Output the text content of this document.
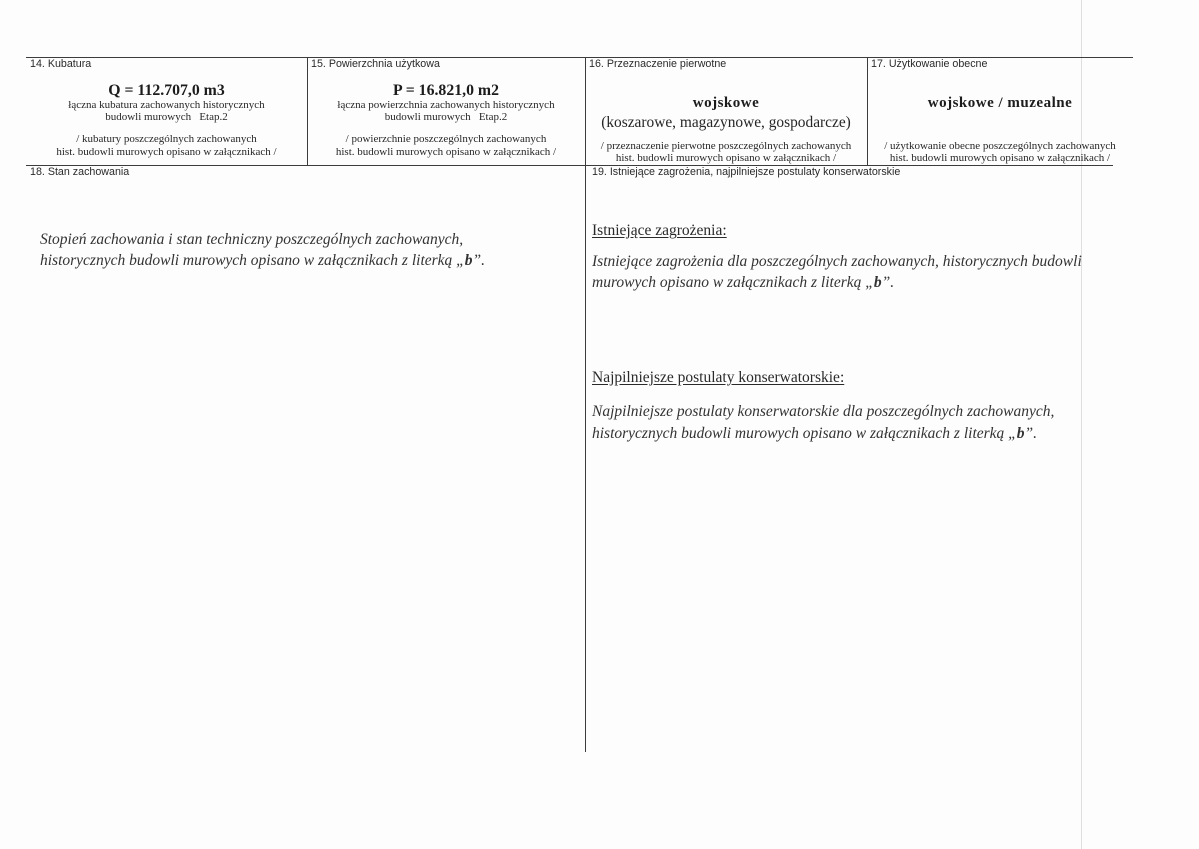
14. Kubatura
Q = 112.707,0 m3
łączna kubatura zachowanych historycznych
budowli murowych   Etap.2
/ kubatury poszczególnych zachowanych
hist. budowli murowych opisano w załącznikach /
15. Powierzchnia użytkowa
P = 16.821,0 m2
łączna powierzchnia zachowanych historycznych
budowli murowych   Etap.2
/ powierzchnie poszczególnych zachowanych
hist. budowli murowych opisano w załącznikach /
16. Przeznaczenie pierwotne
wojskowe
(koszarowe, magazynowe, gospodarcze)
/ przeznaczenie pierwotne poszczególnych zachowanych
hist. budowli murowych opisano w załącznikach /
17. Użytkowanie obecne
wojskowe / muzealne
/ użytkowanie obecne poszczególnych zachowanych
hist. budowli murowych opisano w załącznikach /
18. Stan zachowania
Stopień zachowania i stan techniczny poszczególnych zachowanych,
historycznych budowli murowych opisano w załącznikach z literką „b”.
19. Istniejące zagrożenia, najpilniejsze postulaty konserwatorskie
Istniejące zagrożenia:
Istniejące zagrożenia dla poszczególnych zachowanych, historycznych budowli
murowych opisano w załącznikach z literką „b”.
Najpilniejsze postulaty konserwatorskie:
Najpilniejsze postulaty konserwatorskie dla poszczególnych zachowanych,
historycznych budowli murowych opisano w załącznikach z literką „b”.
